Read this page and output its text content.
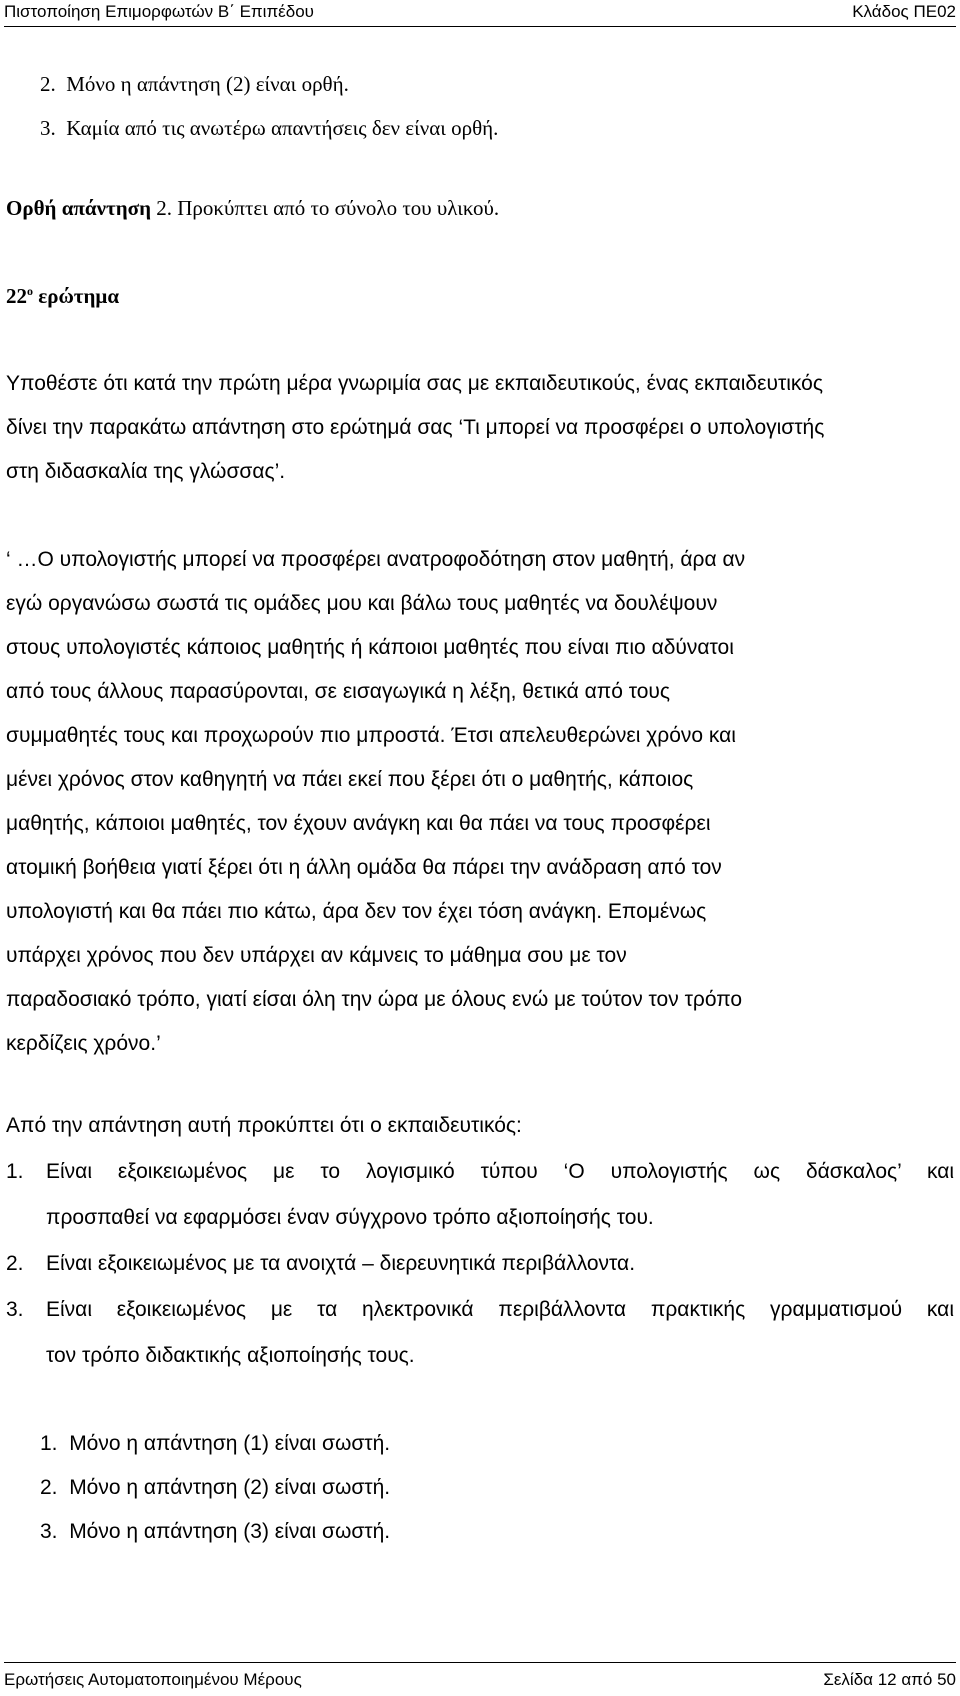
Πιστοποίηση Επιμορφωτών Β΄ Επιπέδου	Κλάδος ΠΕ02
2. Μόνο η απάντηση (2) είναι ορθή.
3. Καμία από τις ανωτέρω απαντήσεις δεν είναι ορθή.
Ορθή απάντηση 2. Προκύπτει από το σύνολο του υλικού.
$22^o$ ερώτημα
Υποθέστε ότι κατά την πρώτη μέρα γνωριμία σας με εκπαιδευτικούς, ένας εκπαιδευτικός
δίνει την παρακάτω απάντηση στο ερώτημά σας ‘Τι μπορεί να προσφέρει ο υπολογιστής
στη διδασκαλία της γλώσσας’.
‘ …Ο υπολογιστής μπορεί να προσφέρει ανατροφοδότηση στον μαθητή, άρα αν
εγώ οργανώσω σωστά τις ομάδες μου και βάλω τους μαθητές να δουλέψουν
στους υπολογιστές κάποιος μαθητής ή κάποιοι μαθητές που είναι πιο αδύνατοι
από τους άλλους παρασύρονται, σε εισαγωγικά η λέξη, θετικά από τους
συμμαθητές τους και προχωρούν πιο μπροστά. Έτσι απελευθερώνει χρόνο και
μένει χρόνος στον καθηγητή να πάει εκεί που ξέρει ότι ο μαθητής, κάποιος
μαθητής, κάποιοι μαθητές, τον έχουν ανάγκη και θα πάει να τους προσφέρει
ατομική βοήθεια γιατί ξέρει ότι η άλλη ομάδα θα πάρει την ανάδραση από τον
υπολογιστή και θα πάει πιο κάτω, άρα δεν τον έχει τόση ανάγκη. Επομένως
υπάρχει χρόνος που δεν υπάρχει αν κάμνεις το μάθημα σου με τον
παραδοσιακό τρόπο, γιατί είσαι όλη την ώρα με όλους ενώ με τούτον τον τρόπο
κερδίζεις χρόνο.’
Από την απάντηση αυτή προκύπτει ότι ο εκπαιδευτικός:
1. Είναι εξοικειωμένος με το λογισμικό τύπου ‘Ο υπολογιστής ως δάσκαλος’ και
προσπαθεί να εφαρμόσει έναν σύγχρονο τρόπο αξιοποίησής του.
2. Είναι εξοικειωμένος με τα ανοιχτά – διερευνητικά περιβάλλοντα.
3. Είναι εξοικειωμένος με τα ηλεκτρονικά περιβάλλοντα πρακτικής γραμματισμού και
τον τρόπο διδακτικής αξιοποίησής τους.
1. Μόνο η απάντηση (1) είναι σωστή.
2. Μόνο η απάντηση (2) είναι σωστή.
3. Μόνο η απάντηση (3) είναι σωστή.
Ερωτήσεις Αυτοματοποιημένου Μέρους	Σελίδα 12 από 50
